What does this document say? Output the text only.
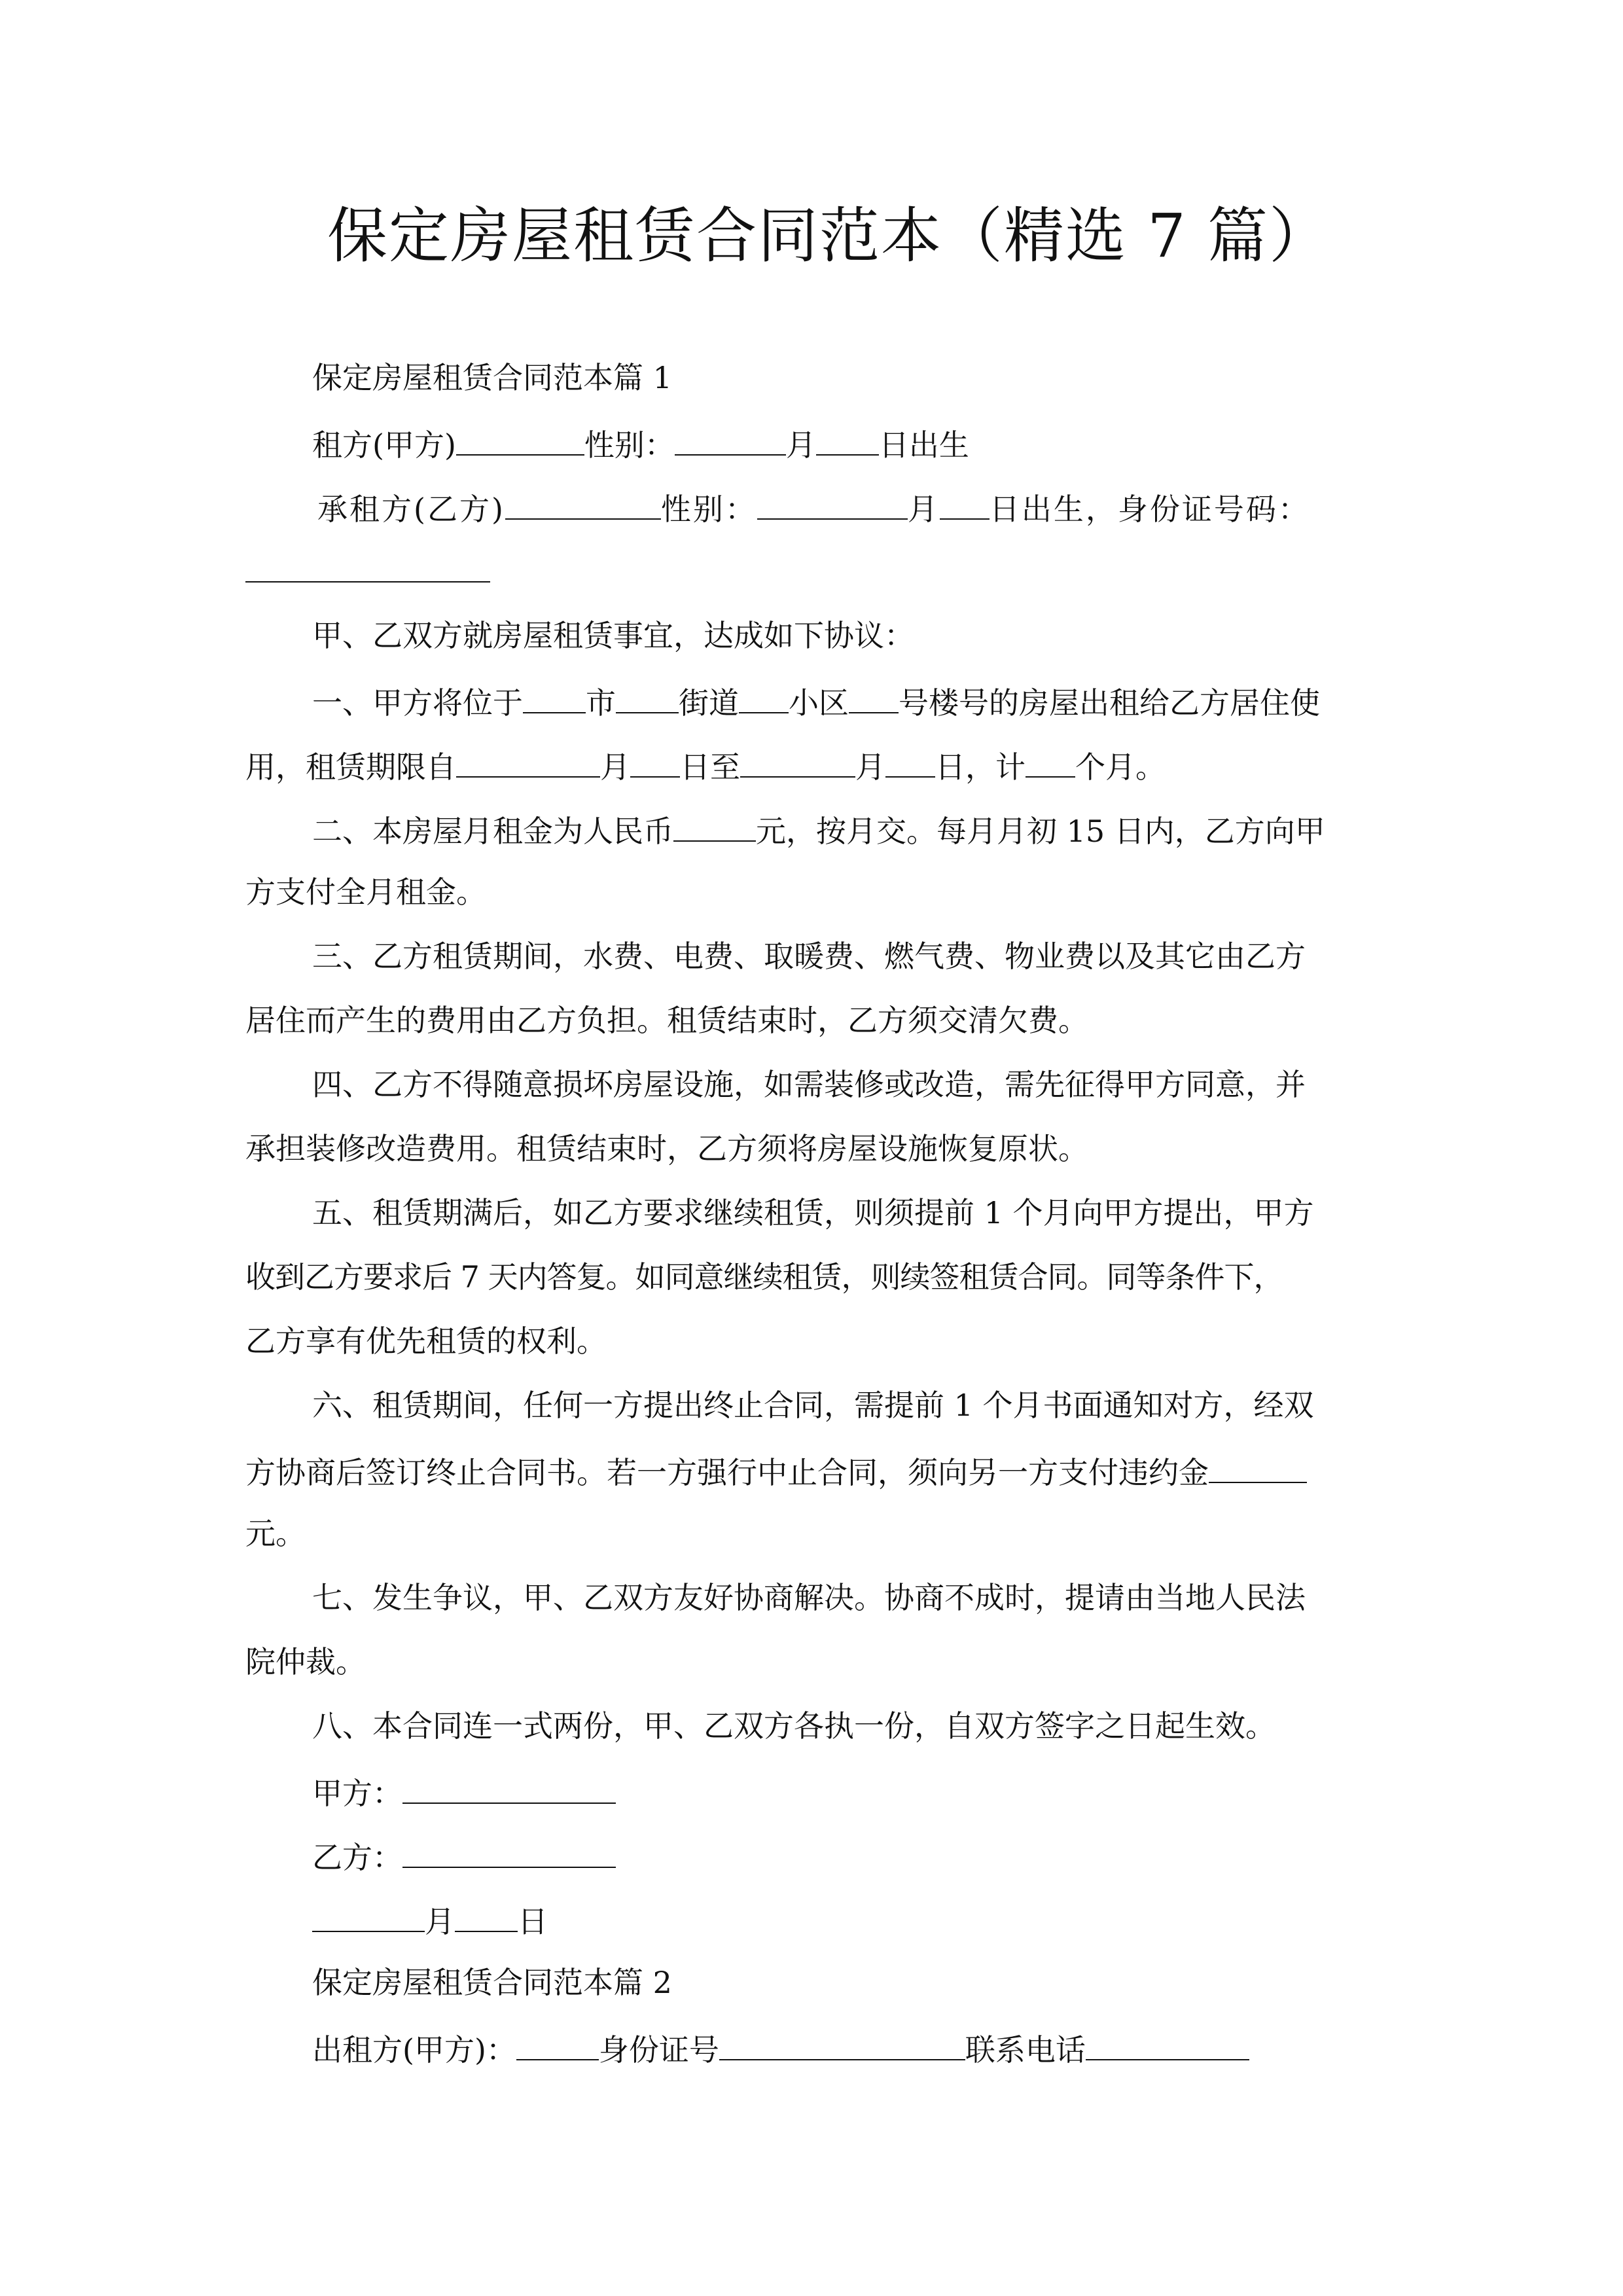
保定房屋租赁合同范本（精选 7 篇）
保定房屋租赁合同范本篇 1
租方(甲方)	性别：	月 日出生
承租方(乙方)	性别：	月 日出生，身份证号码：
甲、乙双方就房屋租赁事宜，达成如下协议：
一、甲方将位于 市 街道 小区 号楼号的房屋出租给乙方居住使
用，租赁期限自	月 日至	月 日，计 个月。
二、本房屋月租金为人民币	元，按月交。每月月初 15 日内，乙方向甲
方支付全月租金。
三、乙方租赁期间，水费、电费、取暖费、燃气费、物业费以及其它由乙方
居住而产生的费用由乙方负担。租赁结束时，乙方须交清欠费。
四、乙方不得随意损坏房屋设施，如需装修或改造，需先征得甲方同意，并
承担装修改造费用。租赁结束时，乙方须将房屋设施恢复原状。
五、租赁期满后，如乙方要求继续租赁，则须提前 1 个月向甲方提出，甲方
收到乙方要求后 7 天内答复。如同意继续租赁，则续签租赁合同。同等条件下，
乙方享有优先租赁的权利。
六、租赁期间，任何一方提出终止合同，需提前 1 个月书面通知对方，经双
方协商后签订终止合同书。若一方强行中止合同，须向另一方支付违约金
元。
七、发生争议，甲、乙双方友好协商解决。协商不成时，提请由当地人民法
院仲裁。
八、本合同连一式两份，甲、乙双方各执一份，自双方签字之日起生效。
甲方：
乙方：
月 日
保定房屋租赁合同范本篇 2
出租方(甲方)：	身份证号	联系电话
